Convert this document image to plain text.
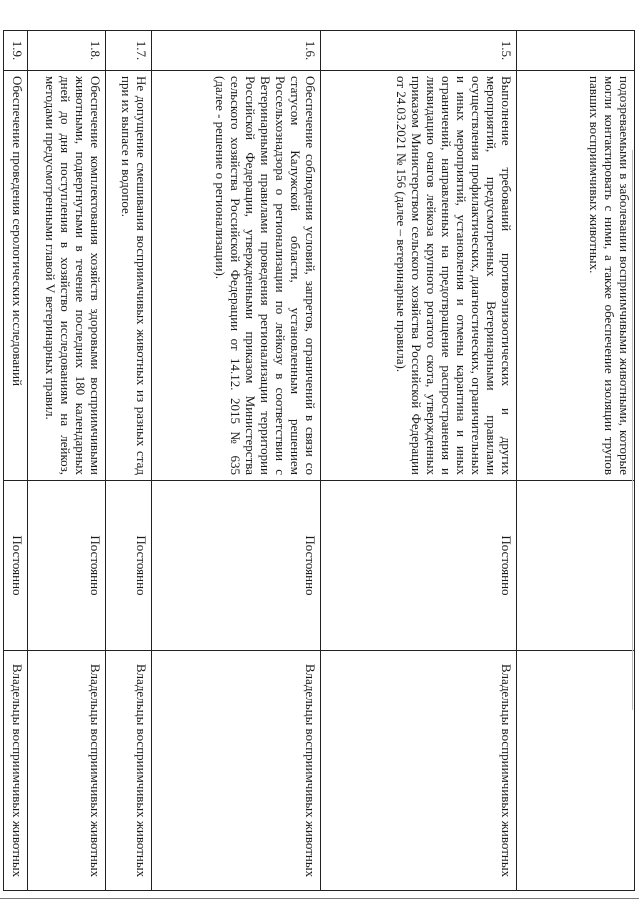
	подозреваемыми в заболевании восприимчивыми животными, которые могли контактировать с ними, а также обеспечение изоляции трупов павших восприимчивых животных.		
1.5.	Выполнение требований противоэпизоотических и других мероприятий, предусмотренных Ветеринарными правилами осуществления профилактических, диагностических, ограничительных и иных мероприятий, установления и отмены карантина и иных ограничений, направленных на предотвращение распространения и ликвидацию очагов лейкоза крупного рогатого скота, утвержденных приказом Министерством сельского хозяйства Российской Федерации от 24.03.2021 № 156 (далее – ветеринарные правила).	Постоянно	Владельцы восприимчивых животных
1.6.	Обеспечение соблюдения условий, запретов, ограничений в связи со статусом Калужской области, установленным решением Россельхознадзора о регионализации по лейкозу в соответствии с Ветеринарными правилами проведения регионализации территории Российской Федерации, утвержденными приказом Министерства сельского хозяйства Российской Федерации от 14.12. 2015 № 635 (далее - решение о регионализации).	Постоянно	Владельцы восприимчивых животных
1.7.	Не допущение смешивания восприимчивых животных из разных стад при их выпасе и водопое.	Постоянно	Владельцы восприимчивых животных
1.8.	Обеспечение комплектования хозяйств здоровыми восприимчивыми животными, подвергнутыми в течение последних 180 календарных дней до дня поступления в хозяйство исследованиям на лейкоз, методами предусмотренными главой V ветеринарных правил.	Постоянно	Владельцы восприимчивых животных
1.9.	Обеспечение проведения серологических исследований	Постоянно	Владельцы восприимчивых животных
